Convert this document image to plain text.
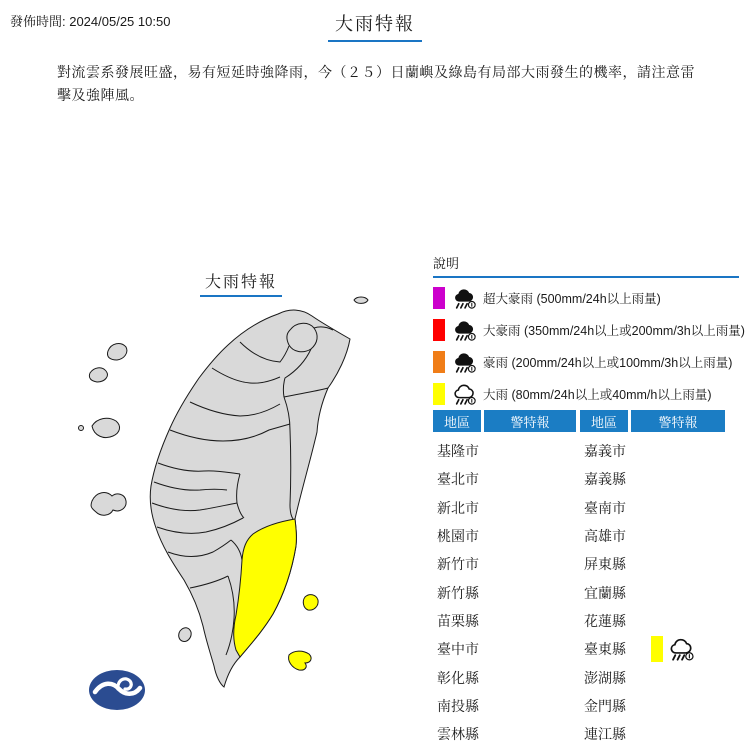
發佈時間: 2024/05/25 10:50	大雨特報
對流雲系發展旺盛，易有短延時強降雨，今（２５）日蘭嶼及綠島有局部大雨發生的機率，請注意雷擊及強陣風。
大雨特報
說明
超大豪雨 (500mm/24h以上雨量)
大豪雨 (350mm/24h以上或200mm/3h以上雨量)
豪雨 (200mm/24h以上或100mm/3h以上雨量)
大雨 (80mm/24h以上或40mm/h以上雨量)
地區	警特報
基隆市
臺北市
新北市
桃園市
新竹市
新竹縣
苗栗縣
臺中市
彰化縣
南投縣
雲林縣
地區	警特報
嘉義市
嘉義縣
臺南市
高雄市
屏東縣
宜蘭縣
花蓮縣
臺東縣
澎湖縣
金門縣
連江縣
